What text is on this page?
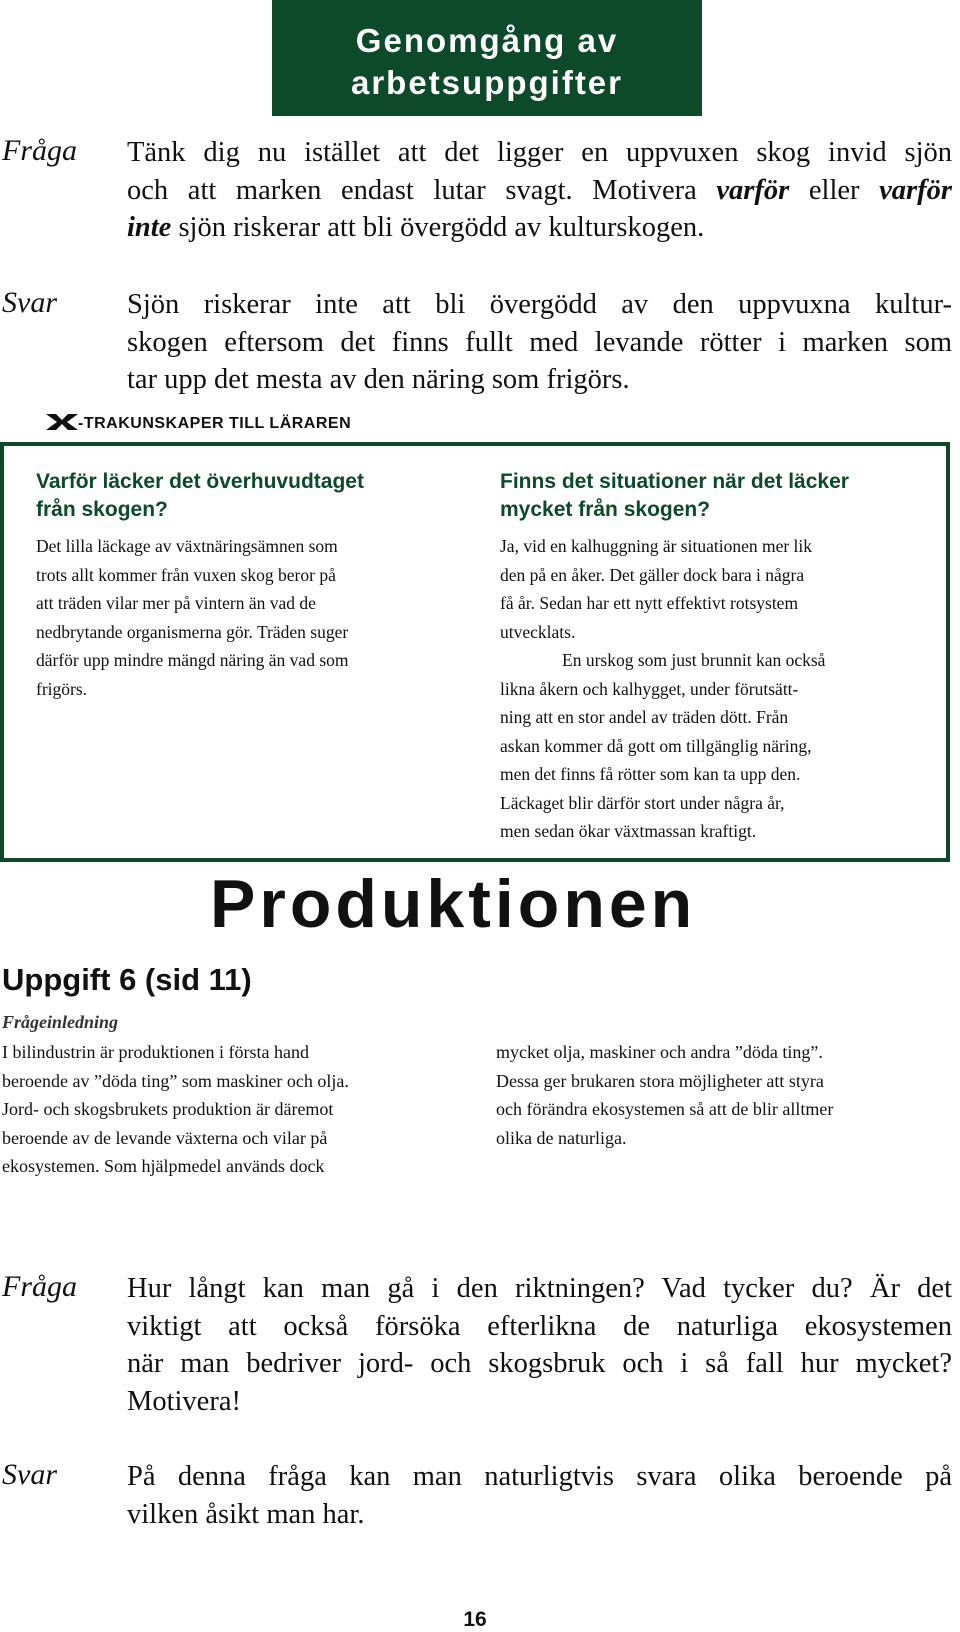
Genomgång av
arbetsuppgifter
Fråga Tänk dig nu istället att det ligger en uppvuxen skog invid sjön
och att marken endast lutar svagt. Motivera varför eller varför
inte sjön riskerar att bli övergödd av kulturskogen.
Svar Sjön riskerar inte att bli övergödd av den uppvuxna kultur-
skogen eftersom det finns fullt med levande rötter i marken som
tar upp det mesta av den näring som frigörs.
-TRAKUNSKAPER TILL LÄRAREN
Varför läcker det överhuvudtaget
från skogen?
Det lilla läckage av växtnäringsämnen som
trots allt kommer från vuxen skog beror på
att träden vilar mer på vintern än vad de
nedbrytande organismerna gör. Träden suger
därför upp mindre mängd näring än vad som
frigörs.
Finns det situationer när det läcker
mycket från skogen?
Ja, vid en kalhuggning är situationen mer lik
den på en åker. Det gäller dock bara i några
få år. Sedan har ett nytt effektivt rotsystem
utvecklats.
En urskog som just brunnit kan också
likna åkern och kalhygget, under förutsätt-
ning att en stor andel av träden dött. Från
askan kommer då gott om tillgänglig näring,
men det finns få rötter som kan ta upp den.
Läckaget blir därför stort under några år,
men sedan ökar växtmassan kraftigt.
Produktionen
Uppgift 6 (sid 11)
Frågeinledning
I bilindustrin är produktionen i första hand
beroende av ”döda ting” som maskiner och olja.
Jord- och skogsbrukets produktion är däremot
beroende av de levande växterna och vilar på
ekosystemen. Som hjälpmedel används dock
mycket olja, maskiner och andra ”döda ting”.
Dessa ger brukaren stora möjligheter att styra
och förändra ekosystemen så att de blir alltmer
olika de naturliga.
Fråga Hur långt kan man gå i den riktningen? Vad tycker du? Är det
viktigt att också försöka efterlikna de naturliga ekosystemen
när man bedriver jord- och skogsbruk och i så fall hur mycket?
Motivera!
Svar På denna fråga kan man naturligtvis svara olika beroende på
vilken åsikt man har.
16
